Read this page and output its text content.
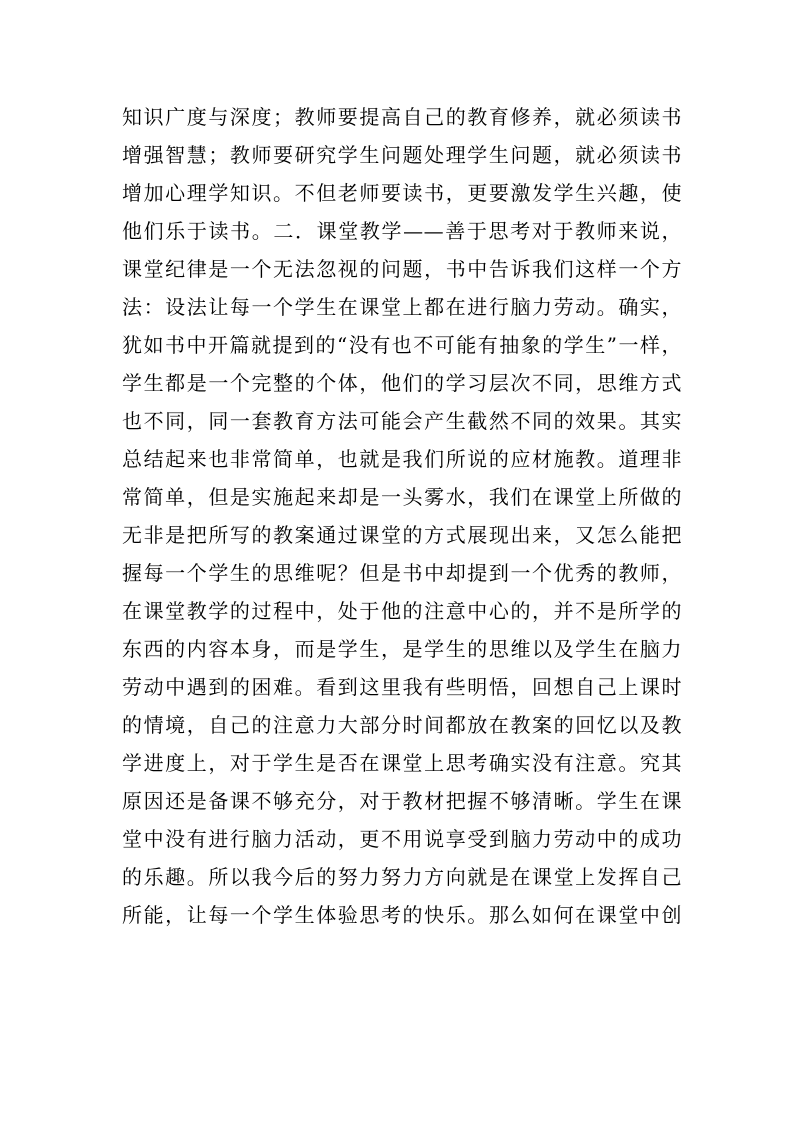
知识广度与深度；教师要提高自己的教育修养，就必须读书
增强智慧；教师要研究学生问题处理学生问题，就必须读书
增加心理学知识。不但老师要读书，更要激发学生兴趣，使
他们乐于读书。二．课堂教学——善于思考对于教师来说，
课堂纪律是一个无法忽视的问题，书中告诉我们这样一个方
法：设法让每一个学生在课堂上都在进行脑力劳动。确实，
犹如书中开篇就提到的“没有也不可能有抽象的学生”一样，
学生都是一个完整的个体，他们的学习层次不同，思维方式
也不同，同一套教育方法可能会产生截然不同的效果。其实
总结起来也非常简单，也就是我们所说的应材施教。道理非
常简单，但是实施起来却是一头雾水，我们在课堂上所做的
无非是把所写的教案通过课堂的方式展现出来，又怎么能把
握每一个学生的思维呢？但是书中却提到一个优秀的教师，
在课堂教学的过程中，处于他的注意中心的，并不是所学的
东西的内容本身，而是学生，是学生的思维以及学生在脑力
劳动中遇到的困难。看到这里我有些明悟，回想自己上课时
的情境，自己的注意力大部分时间都放在教案的回忆以及教
学进度上，对于学生是否在课堂上思考确实没有注意。究其
原因还是备课不够充分，对于教材把握不够清晰。学生在课
堂中没有进行脑力活动，更不用说享受到脑力劳动中的成功
的乐趣。所以我今后的努力努力方向就是在课堂上发挥自己
所能，让每一个学生体验思考的快乐。那么如何在课堂中创
